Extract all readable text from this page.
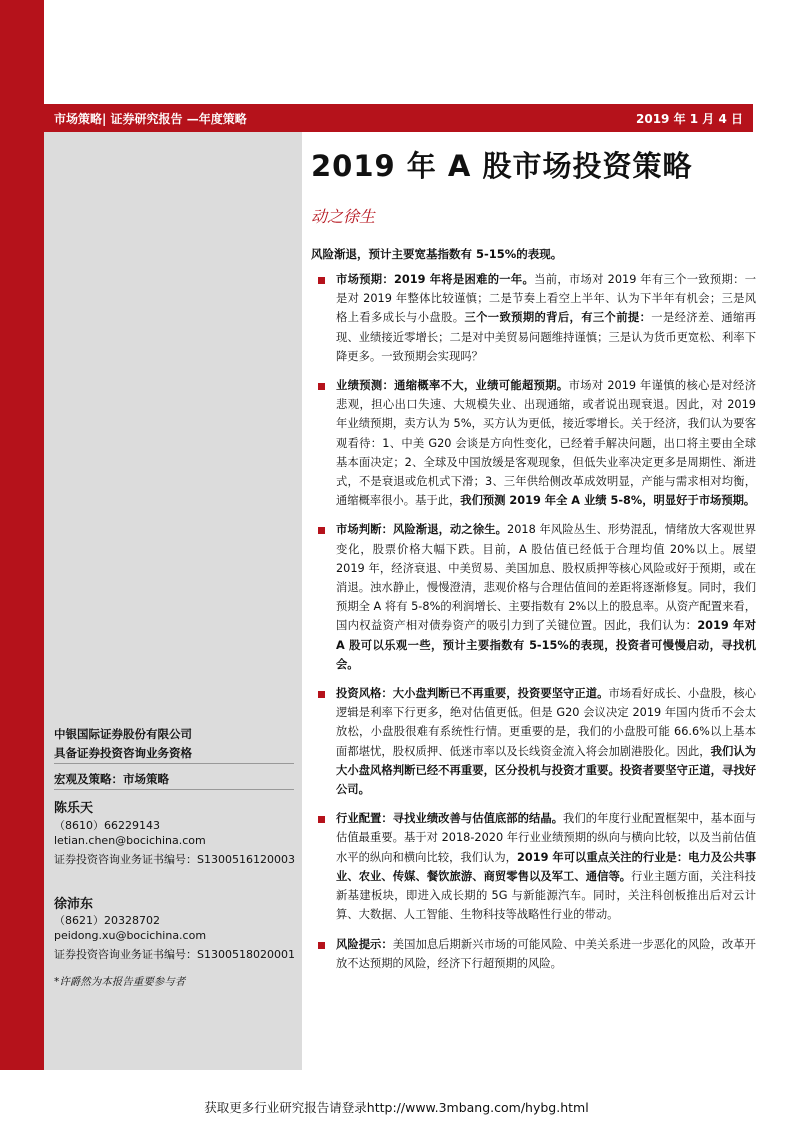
市场策略| 证券研究报告 —年度策略	2019 年 1 月 4 日
2019 年 A 股市场投资策略
动之徐生
风险渐退，预计主要宽基指数有 5-15%的表现。
市场预期：2019 年将是困难的一年。当前，市场对 2019 年有三个一致预期：一是对 2019 年整体比较谨慎；二是节奏上看空上半年、认为下半年有机会；三是风格上看多成长与小盘股。三个一致预期的背后，有三个前提：一是经济差、通缩再现、业绩接近零增长；二是对中美贸易问题维持谨慎；三是认为货币更宽松、利率下降更多。一致预期会实现吗？
业绩预测：通缩概率不大，业绩可能超预期。市场对 2019 年谨慎的核心是对经济悲观，担心出口失速、大规模失业、出现通缩，或者说出现衰退。因此，对 2019 年业绩预期，卖方认为 5%，买方认为更低，接近零增长。关于经济，我们认为要客观看待：1、中美 G20 会谈是方向性变化，已经着手解决问题，出口将主要由全球基本面决定；2、全球及中国放缓是客观现象，但低失业率决定更多是周期性、渐进式，不是衰退或危机式下滑；3、三年供给侧改革成效明显，产能与需求相对均衡，通缩概率很小。基于此，我们预测 2019 年全 A 业绩 5-8%，明显好于市场预期。
市场判断：风险渐退，动之徐生。2018 年风险丛生、形势混乱，情绪放大客观世界变化，股票价格大幅下跌。目前，A 股估值已经低于合理均值 20%以上。展望 2019 年，经济衰退、中美贸易、美国加息、股权质押等核心风险或好于预期，或在消退。浊水静止，慢慢澄清，悲观价格与合理估值间的差距将逐渐修复。同时，我们预期全 A 将有 5-8%的利润增长、主要指数有 2%以上的股息率。从资产配置来看，国内权益资产相对债券资产的吸引力到了关键位置。因此，我们认为：2019 年对 A 股可以乐观一些，预计主要指数有 5-15%的表现，投资者可慢慢启动，寻找机会。
投资风格：大小盘判断已不再重要，投资要坚守正道。市场看好成长、小盘股，核心逻辑是利率下行更多，绝对估值更低。但是 G20 会议决定 2019 年国内货币不会太放松，小盘股很难有系统性行情。更重要的是，我们的小盘股可能 66.6%以上基本面都堪忧，股权质押、低迷市率以及长线资金流入将会加剧港股化。因此，我们认为大小盘风格判断已经不再重要，区分投机与投资才重要。投资者要坚守正道，寻找好公司。
行业配置：寻找业绩改善与估值底部的结晶。我们的年度行业配置框架中，基本面与估值最重要。基于对 2018-2020 年行业业绩预期的纵向与横向比较，以及当前估值水平的纵向和横向比较，我们认为，2019 年可以重点关注的行业是：电力及公共事业、农业、传媒、餐饮旅游、商贸零售以及军工、通信等。行业主题方面，关注科技新基建板块，即进入成长期的 5G 与新能源汽车。同时，关注科创板推出后对云计算、大数据、人工智能、生物科技等战略性行业的带动。
风险提示：美国加息后期新兴市场的可能风险、中美关系进一步恶化的风险，改革开放不达预期的风险，经济下行超预期的风险。
中银国际证券股份有限公司
具备证券投资咨询业务资格
宏观及策略：市场策略
陈乐天
（8610）66229143
letian.chen@bocichina.com
证券投资咨询业务证书编号：S1300516120003
徐沛东
（8621）20328702
peidong.xu@bocichina.com
证券投资咨询业务证书编号：S1300518020001
*许爵然为本报告重要参与者
获取更多行业研究报告请登录http://www.3mbang.com/hybg.html
